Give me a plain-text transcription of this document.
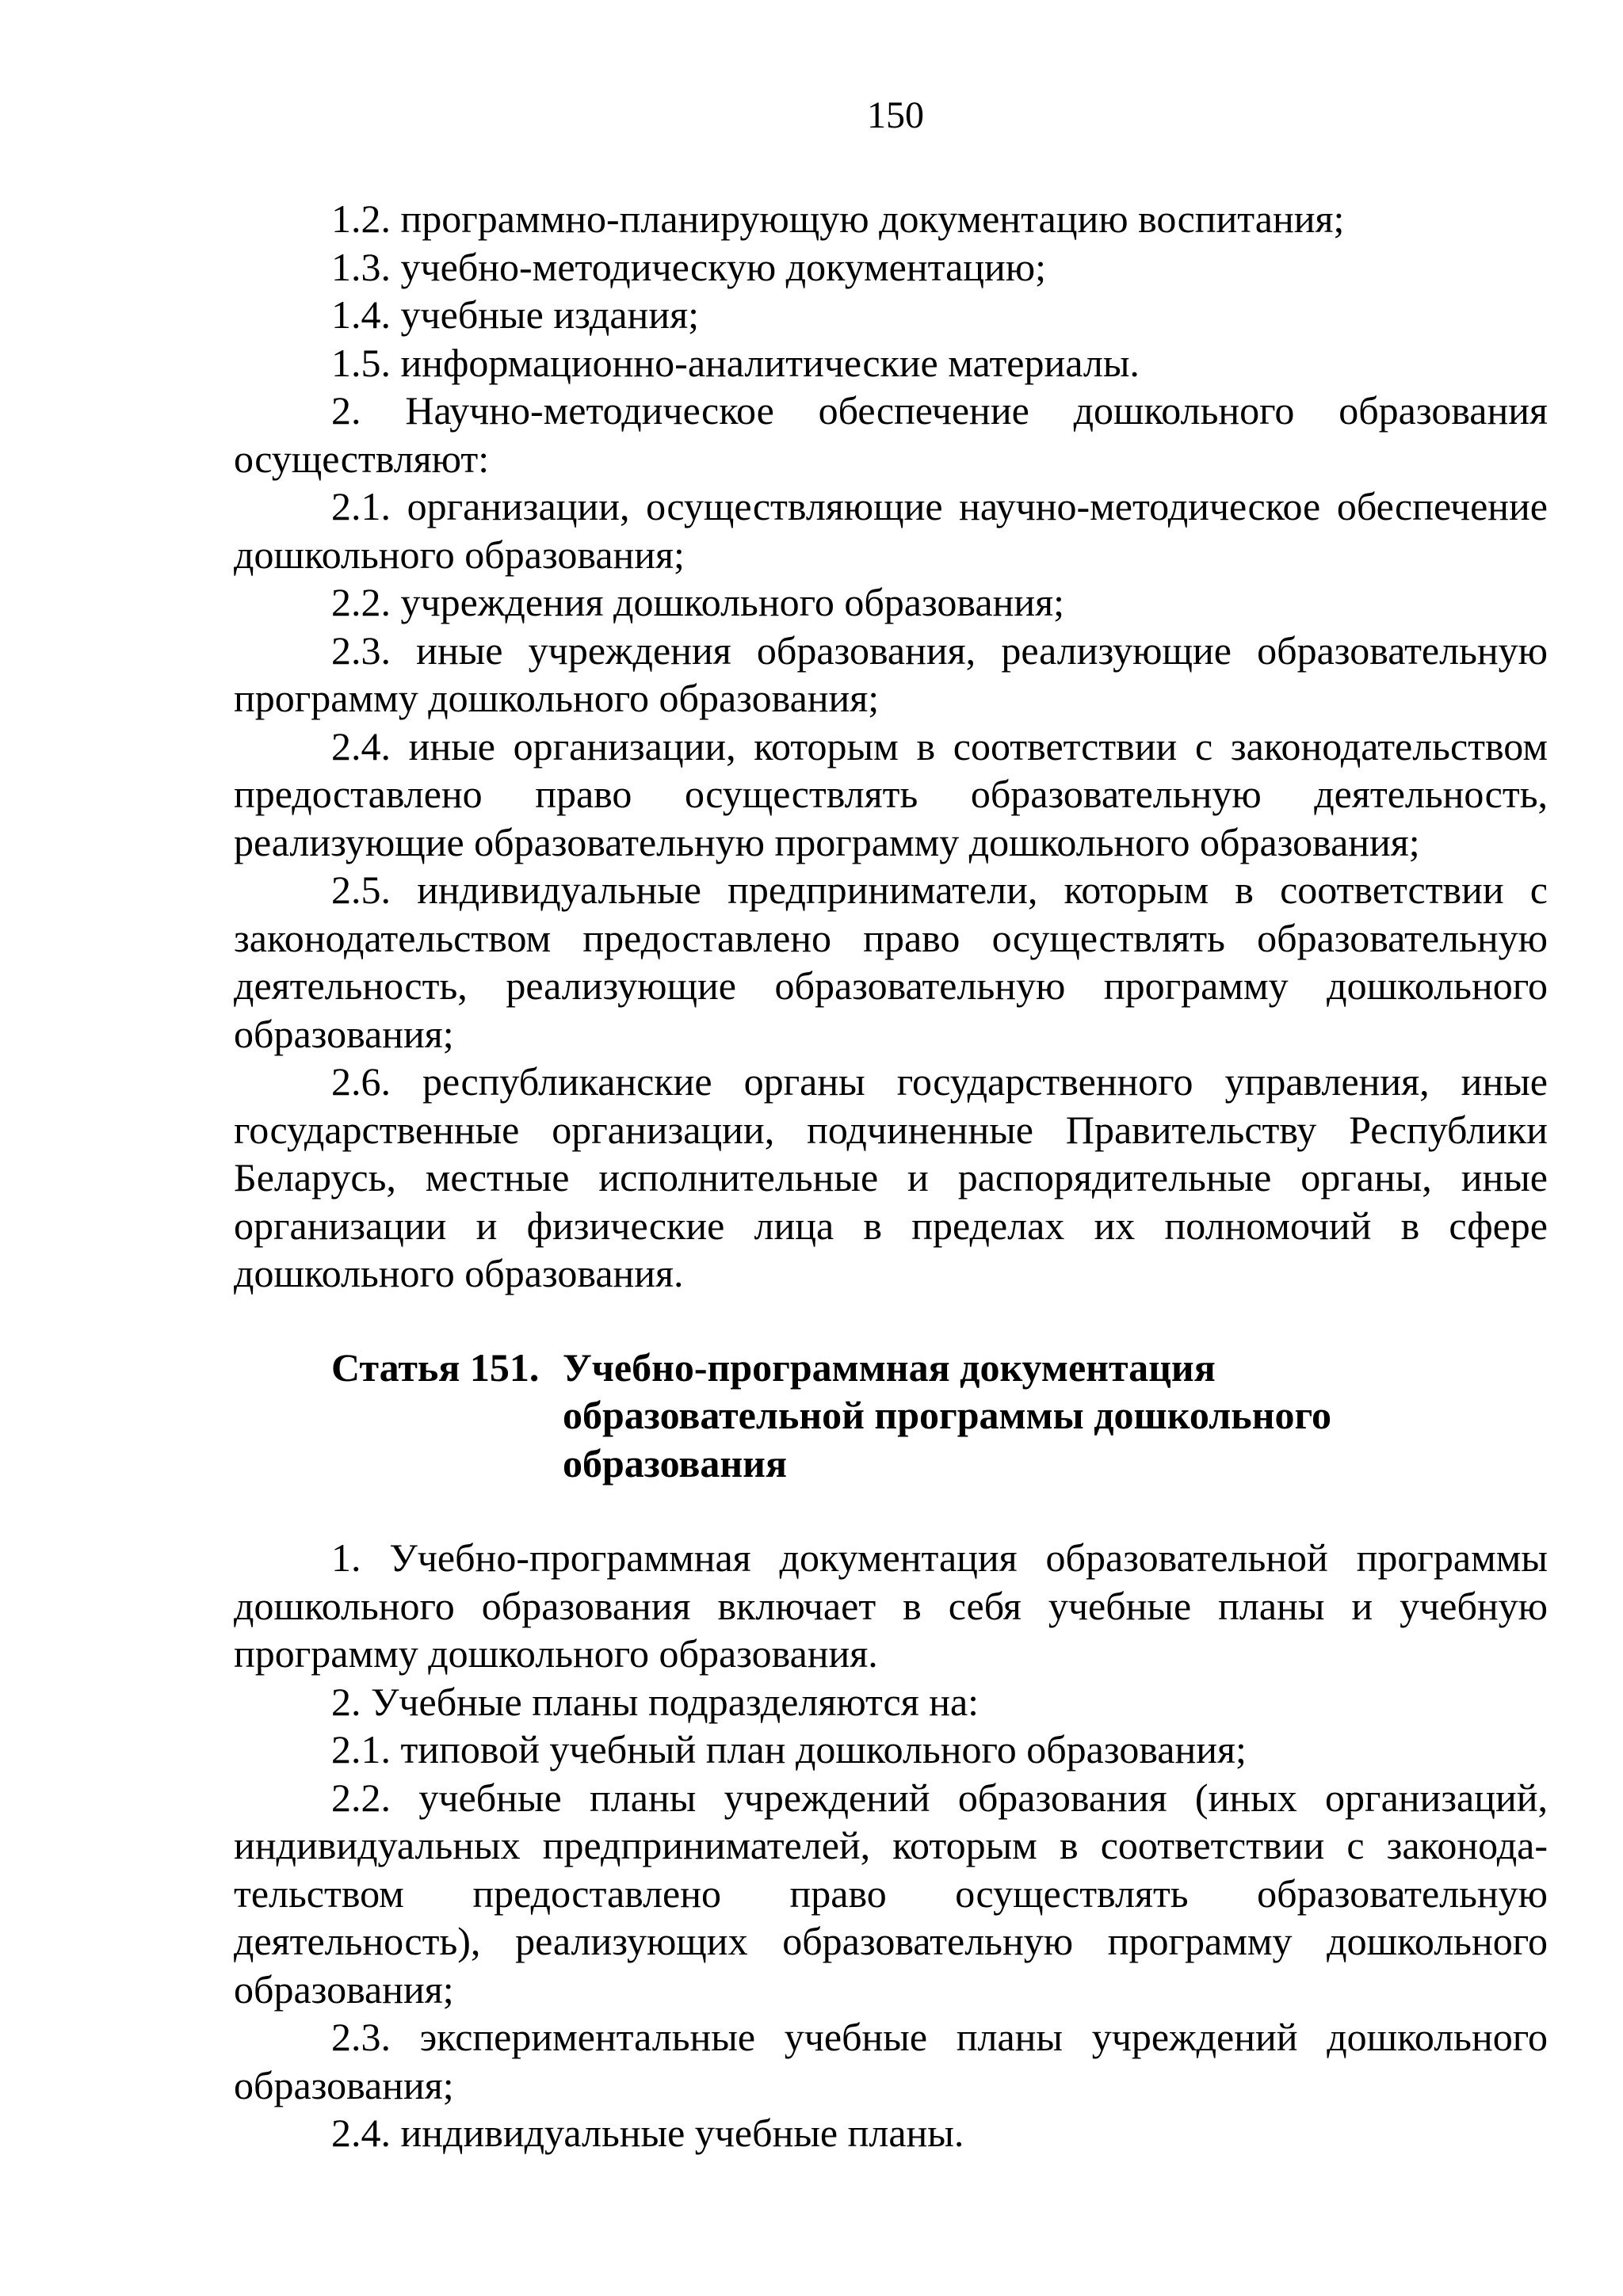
150

1.2. программно-планирующую документацию воспитания;

1.3. учебно-методическую документацию;

1.4. учебные издания;

1.5. информационно-аналитические материалы.

2. Научно-методическое обеспечение дошкольного образования осуществляют:

2.1. организации, осуществляющие научно-методическое обеспечение дошкольного образования;

2.2. учреждения дошкольного образования;

2.3. иные учреждения образования, реализующие образовательную программу дошкольного образования;

2.4. иные организации, которым в соответствии с законодательством предоставлено право осуществлять образовательную деятельность, реализующие образовательную программу дошкольного образования;

2.5. индивидуальные предприниматели, которым в соответствии с законодательством предоставлено право осуществлять образовательную деятельность, реализующие образовательную программу дошкольного образования;

2.6. республиканские органы государственного управления, иные государственные организации, подчиненные Правительству Республики Беларусь, местные исполнительные и распорядительные органы, иные организации и физические лица в пределах их полномочий в сфере дошкольного образования.

Статья 151. Учебно-программная документация образовательной программы дошкольного образования

1. Учебно-программная документация образовательной программы дошкольного образования включает в себя учебные планы и учебную программу дошкольного образования.

2. Учебные планы подразделяются на:

2.1. типовой учебный план дошкольного образования;

2.2. учебные планы учреждений образования (иных организаций, индивидуальных предпринимателей, которым в соответствии с законодательством предоставлено право осуществлять образовательную деятельность), реализующих образовательную программу дошкольного образования;

2.3. экспериментальные учебные планы учреждений дошкольного образования;

2.4. индивидуальные учебные планы.
